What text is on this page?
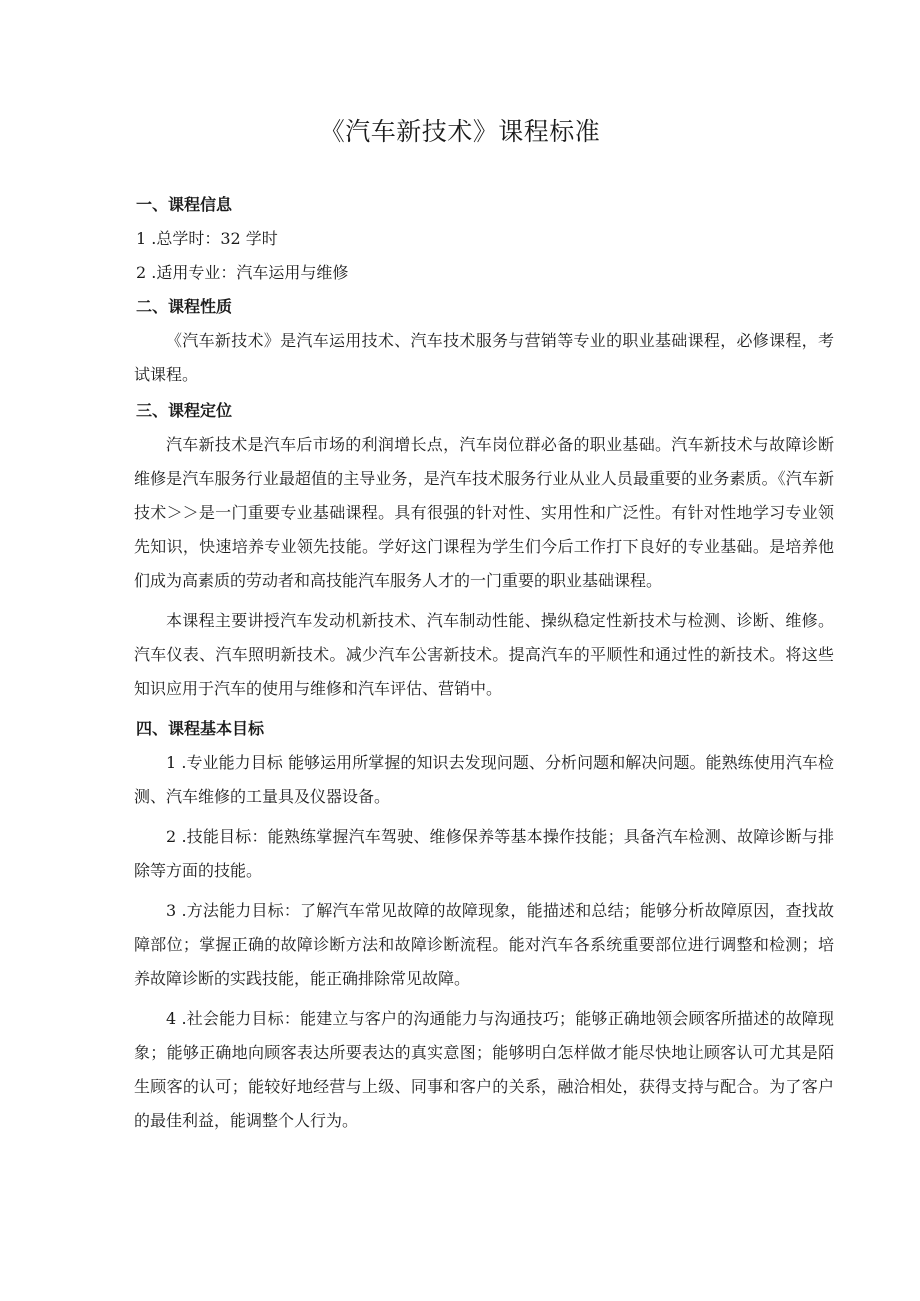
《汽车新技术》课程标准

一、课程信息

1 .总学时：32 学时

2 .适用专业：汽车运用与维修

二、课程性质

《汽车新技术》是汽车运用技术、汽车技术服务与营销等专业的职业基础课程，必修课程，考试课程。

三、课程定位

汽车新技术是汽车后市场的利润增长点，汽车岗位群必备的职业基础。汽车新技术与故障诊断维修是汽车服务行业最超值的主导业务，是汽车技术服务行业从业人员最重要的业务素质。《汽车新技术＞＞是一门重要专业基础课程。具有很强的针对性、实用性和广泛性。有针对性地学习专业领先知识，快速培养专业领先技能。学好这门课程为学生们今后工作打下良好的专业基础。是培养他们成为高素质的劳动者和高技能汽车服务人才的一门重要的职业基础课程。

本课程主要讲授汽车发动机新技术、汽车制动性能、操纵稳定性新技术与检测、诊断、维修。汽车仪表、汽车照明新技术。减少汽车公害新技术。提高汽车的平顺性和通过性的新技术。将这些知识应用于汽车的使用与维修和汽车评估、营销中。

四、课程基本目标

1 .专业能力目标 能够运用所掌握的知识去发现问题、分析问题和解决问题。能熟练使用汽车检测、汽车维修的工量具及仪器设备。

2 .技能目标：能熟练掌握汽车驾驶、维修保养等基本操作技能；具备汽车检测、故障诊断与排除等方面的技能。

3 .方法能力目标：了解汽车常见故障的故障现象，能描述和总结；能够分析故障原因，查找故障部位；掌握正确的故障诊断方法和故障诊断流程。能对汽车各系统重要部位进行调整和检测；培养故障诊断的实践技能，能正确排除常见故障。

4 .社会能力目标：能建立与客户的沟通能力与沟通技巧；能够正确地领会顾客所描述的故障现象；能够正确地向顾客表达所要表达的真实意图；能够明白怎样做才能尽快地让顾客认可尤其是陌生顾客的认可；能较好地经营与上级、同事和客户的关系，融洽相处，获得支持与配合。为了客户的最佳利益，能调整个人行为。
